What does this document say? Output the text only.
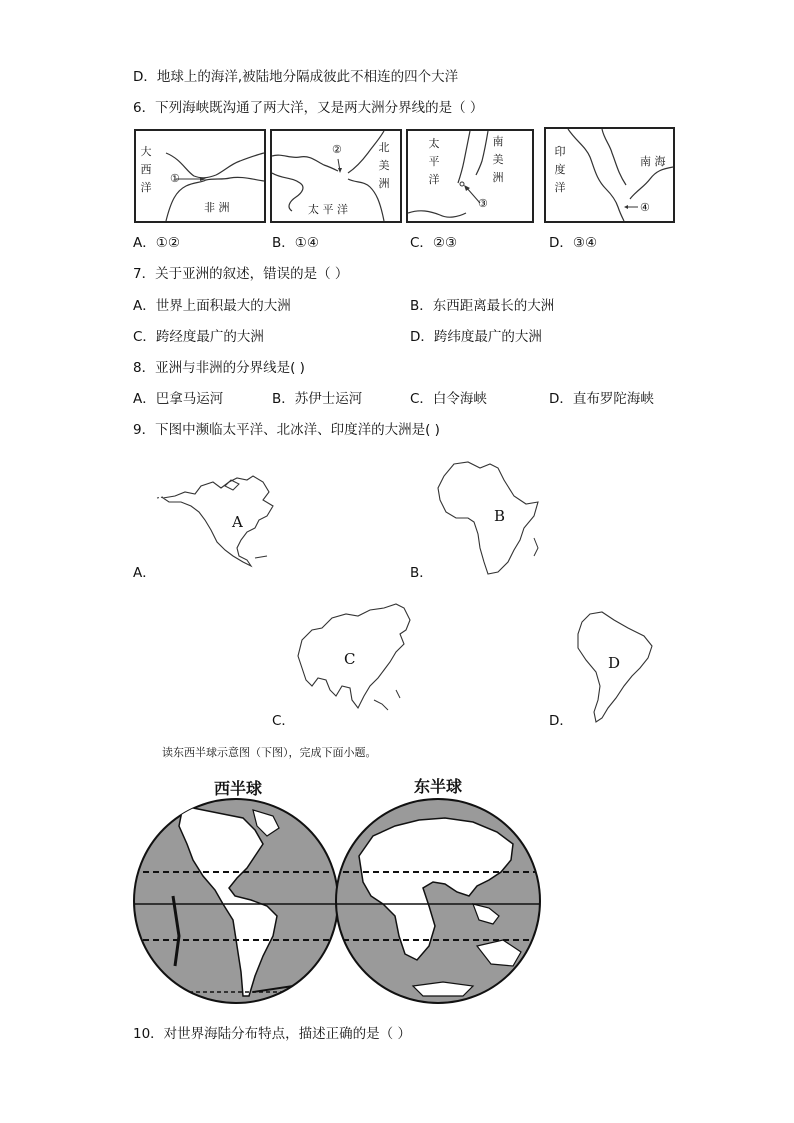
D．地球上的海洋,被陆地分隔成彼此不相连的四个大洋
6．下列海峡既沟通了两大洋，又是两大洲分界线的是（ ）
大西洋
①
非 洲
②	北美洲
太 平 洋
太平洋
南美洲
③
印度洋
南 海
④
A．①②	B．①④	C．②③	D．③④
7．关于亚洲的叙述，错误的是（ ）
A．世界上面积最大的大洲	B．东西距离最长的大洲
C．跨经度最广的大洲	D．跨纬度最广的大洲
8．亚洲与非洲的分界线是( )
A．巴拿马运河	B．苏伊士运河	C．白令海峡	D．直布罗陀海峡
9．下图中濒临太平洋、北冰洋、印度洋的大洲是( )
A
A．
B
B．
C
C．
D
D．
读东西半球示意图（下图），完成下面小题。
西半球	东半球
10．对世界海陆分布特点，描述正确的是（ ）
